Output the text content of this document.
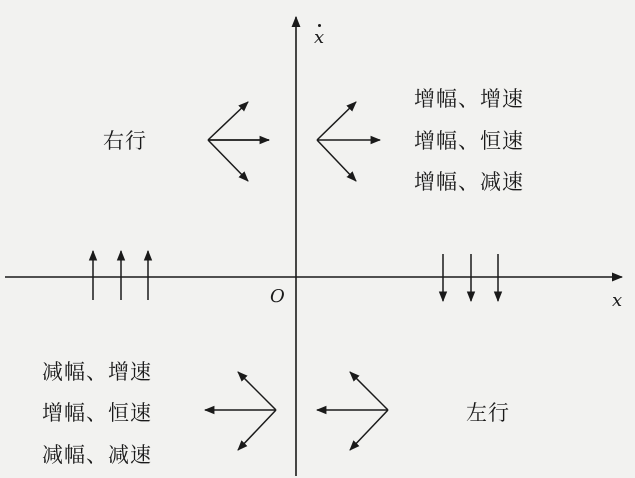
x
x
O
右行
增幅、增速
增幅、恒速
增幅、减速
减幅、增速
增幅、恒速
减幅、减速
左行
